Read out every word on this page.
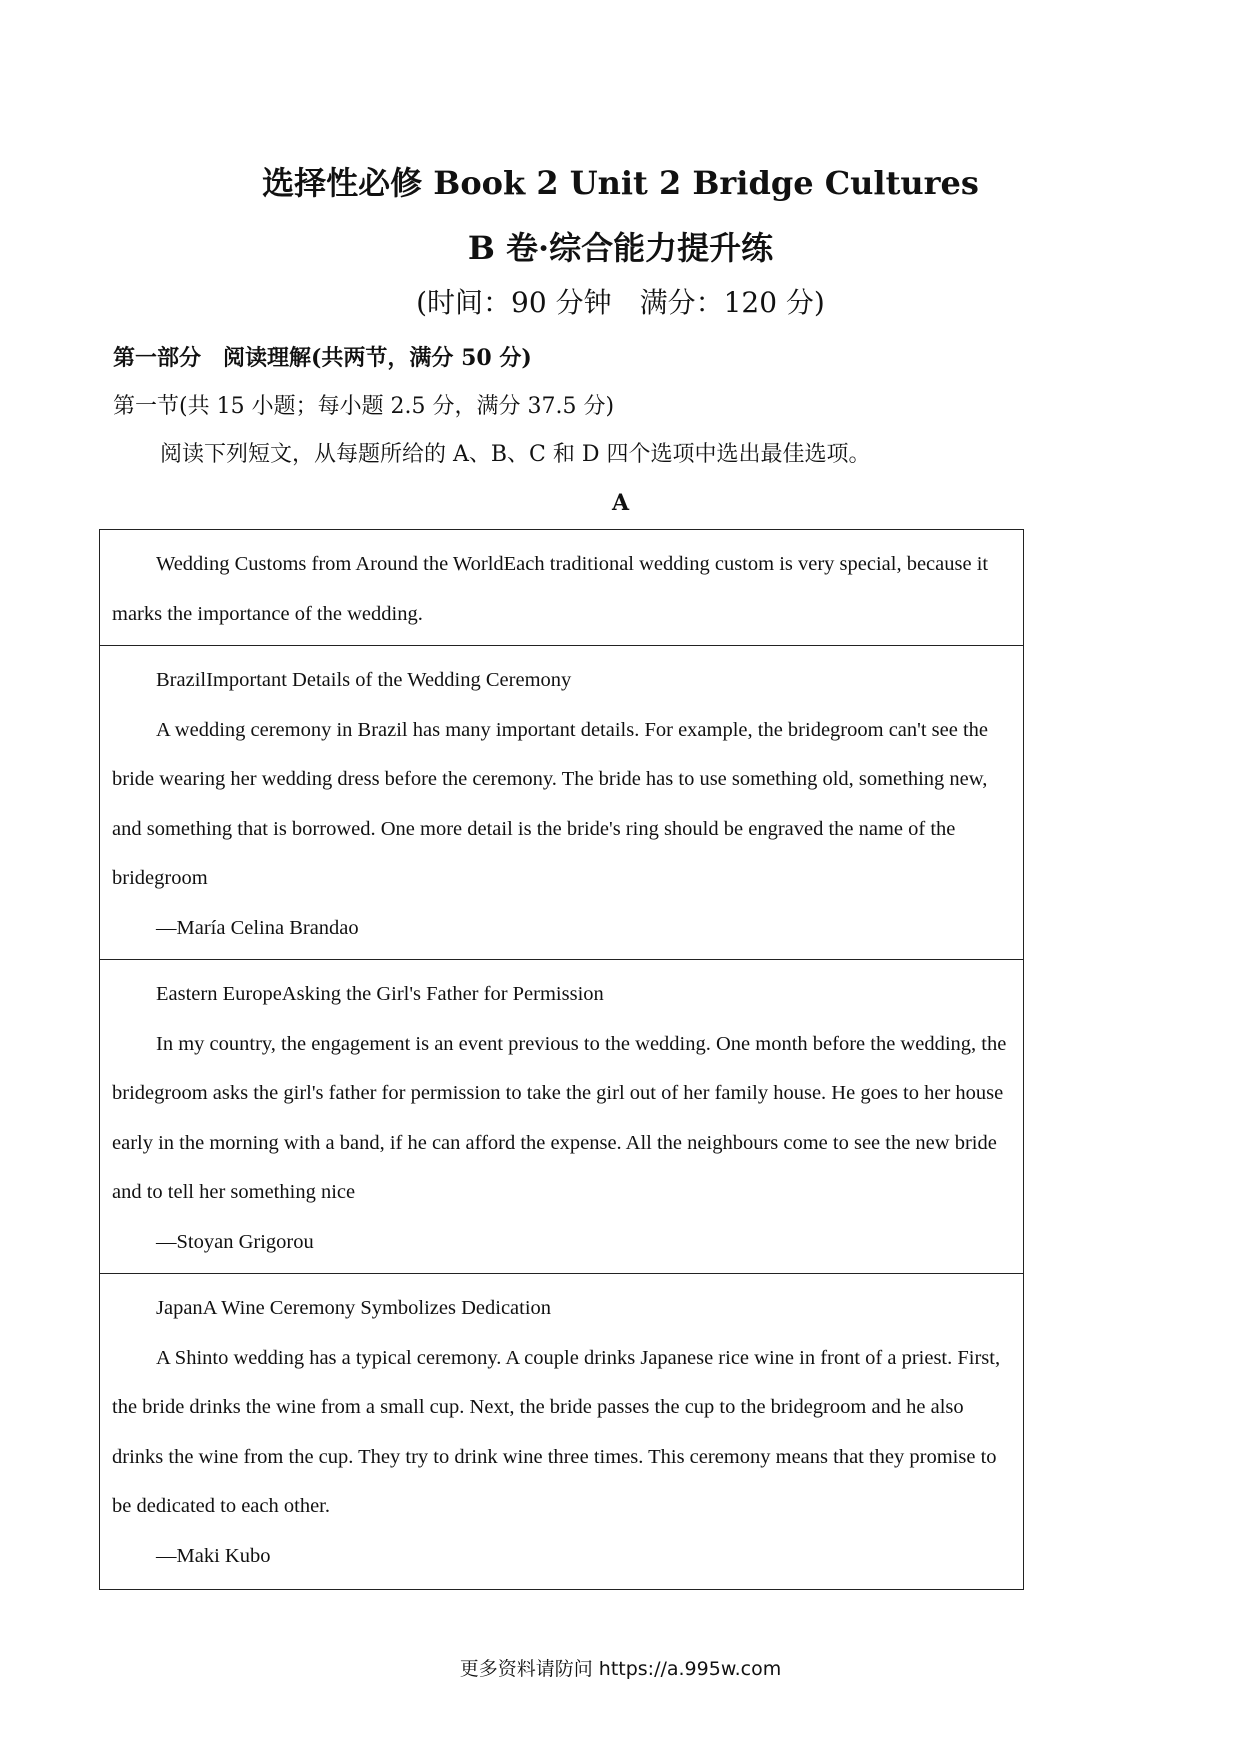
选择性必修 Book 2 Unit 2 Bridge Cultures
B 卷·综合能力提升练
(时间：90 分钟　满分：120 分)
第一部分　阅读理解(共两节，满分 50 分)
第一节(共 15 小题；每小题 2.5 分，满分 37.5 分)
阅读下列短文，从每题所给的 A、B、C 和 D 四个选项中选出最佳选项。
A

Wedding Customs from Around the WorldEach traditional wedding custom is very special, because it marks the importance of the wedding.

BrazilImportant Details of the Wedding Ceremony

A wedding ceremony in Brazil has many important details. For example, the bridegroom can't see the bride wearing her wedding dress before the ceremony. The bride has to use something old, something new, and something that is borrowed. One more detail is the bride's ring should be engraved the name of the bridegroom

—María Celina Brandao

Eastern EuropeAsking the Girl's Father for Permission

In my country, the engagement is an event previous to the wedding. One month before the wedding, the bridegroom asks the girl's father for permission to take the girl out of her family house. He goes to her house early in the morning with a band, if he can afford the expense. All the neighbours come to see the new bride and to tell her something nice

—Stoyan Grigorou

JapanA Wine Ceremony Symbolizes Dedication

A Shinto wedding has a typical ceremony. A couple drinks Japanese rice wine in front of a priest. First, the bride drinks the wine from a small cup. Next, the bride passes the cup to the bridegroom and he also drinks the wine from the cup. They try to drink wine three times. This ceremony means that they promise to be dedicated to each other.

—Maki Kubo

更多资料请防问 https://a.995w.com
